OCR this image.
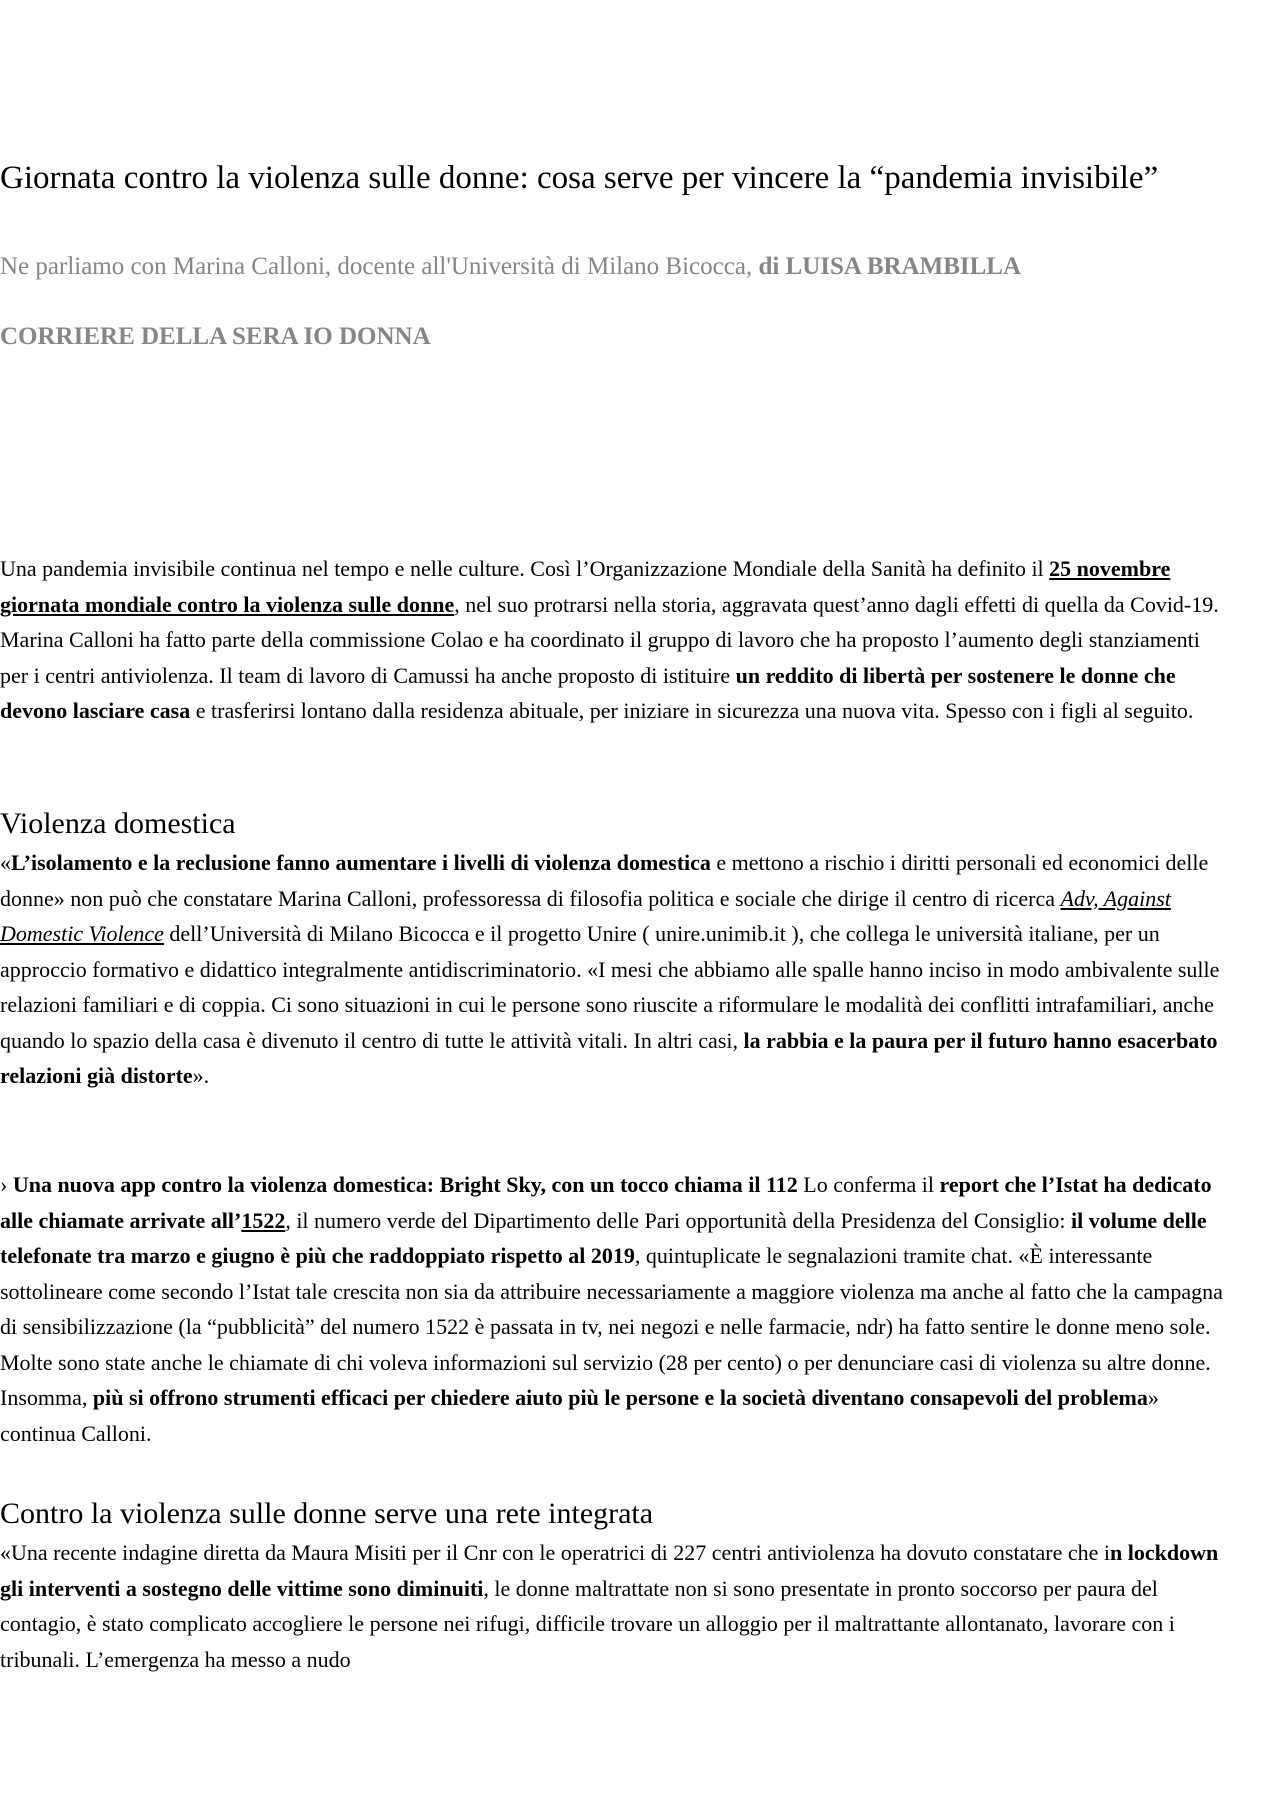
Giornata contro la violenza sulle donne: cosa serve per vincere la “pandemia invisibile”

Ne parliamo con Marina Calloni, docente all'Università di Milano Bicocca, di LUISA BRAMBILLA CORRIERE DELLA SERA IO DONNA

Una pandemia invisibile continua nel tempo e nelle culture. Così l’Organizzazione Mondiale della Sanità ha definito il 25 novembre giornata mondiale contro la violenza sulle donne, nel suo protrarsi nella storia, aggravata quest’anno dagli effetti di quella da Covid-19.
Marina Calloni ha fatto parte della commissione Colao e ha coordinato il gruppo di lavoro che ha proposto l’aumento degli stanziamenti per i centri antiviolenza. Il team di lavoro di Camussi ha anche proposto di istituire un reddito di libertà per sostenere le donne che devono lasciare casa e trasferirsi lontano dalla residenza abituale, per iniziare in sicurezza una nuova vita. Spesso con i figli al seguito.

Violenza domestica

«L’isolamento e la reclusione fanno aumentare i livelli di violenza domestica e mettono a rischio i diritti personali ed economici delle donne» non può che constatare Marina Calloni, professoressa di filosofia politica e sociale che dirige il centro di ricerca Adv, Against Domestic Violence dell’Università di Milano Bicocca e il progetto Unire ( unire.unimib.it ), che collega le università italiane, per un approccio formativo e didattico integralmente antidiscriminatorio. «I mesi che abbiamo alle spalle hanno inciso in modo ambivalente sulle relazioni familiari e di coppia. Ci sono situazioni in cui le persone sono riuscite a riformulare le modalità dei conflitti intrafamiliari, anche quando lo spazio della casa è divenuto il centro di tutte le attività vitali. In altri casi, la rabbia e la paura per il futuro hanno esacerbato relazioni già distorte».

› Una nuova app contro la violenza domestica: Bright Sky, con un tocco chiama il 112 Lo conferma il report che l’Istat ha dedicato alle chiamate arrivate all’1522, il numero verde del Dipartimento delle Pari opportunità della Presidenza del Consiglio: il volume delle telefonate tra marzo e giugno è più che raddoppiato rispetto al 2019, quintuplicate le segnalazioni tramite chat. «È interessante sottolineare come secondo l’Istat tale crescita non sia da attribuire necessariamente a maggiore violenza ma anche al fatto che la campagna di sensibilizzazione (la “pubblicità” del numero 1522 è passata in tv, nei negozi e nelle farmacie, ndr) ha fatto sentire le donne meno sole. Molte sono state anche le chiamate di chi voleva informazioni sul servizio (28 per cento) o per denunciare casi di violenza su altre donne. Insomma, più si offrono strumenti efficaci per chiedere aiuto più le persone e la società diventano consapevoli del problema» continua Calloni.

Contro la violenza sulle donne serve una rete integrata

«Una recente indagine diretta da Maura Misiti per il Cnr con le operatrici di 227 centri antiviolenza ha dovuto constatare che in lockdown gli interventi a sostegno delle vittime sono diminuiti, le donne maltrattate non si sono presentate in pronto soccorso per paura del contagio, è stato complicato accogliere le persone nei rifugi, difficile trovare un alloggio per il maltrattante allontanato, lavorare con i tribunali. L’emergenza ha messo a nudo
